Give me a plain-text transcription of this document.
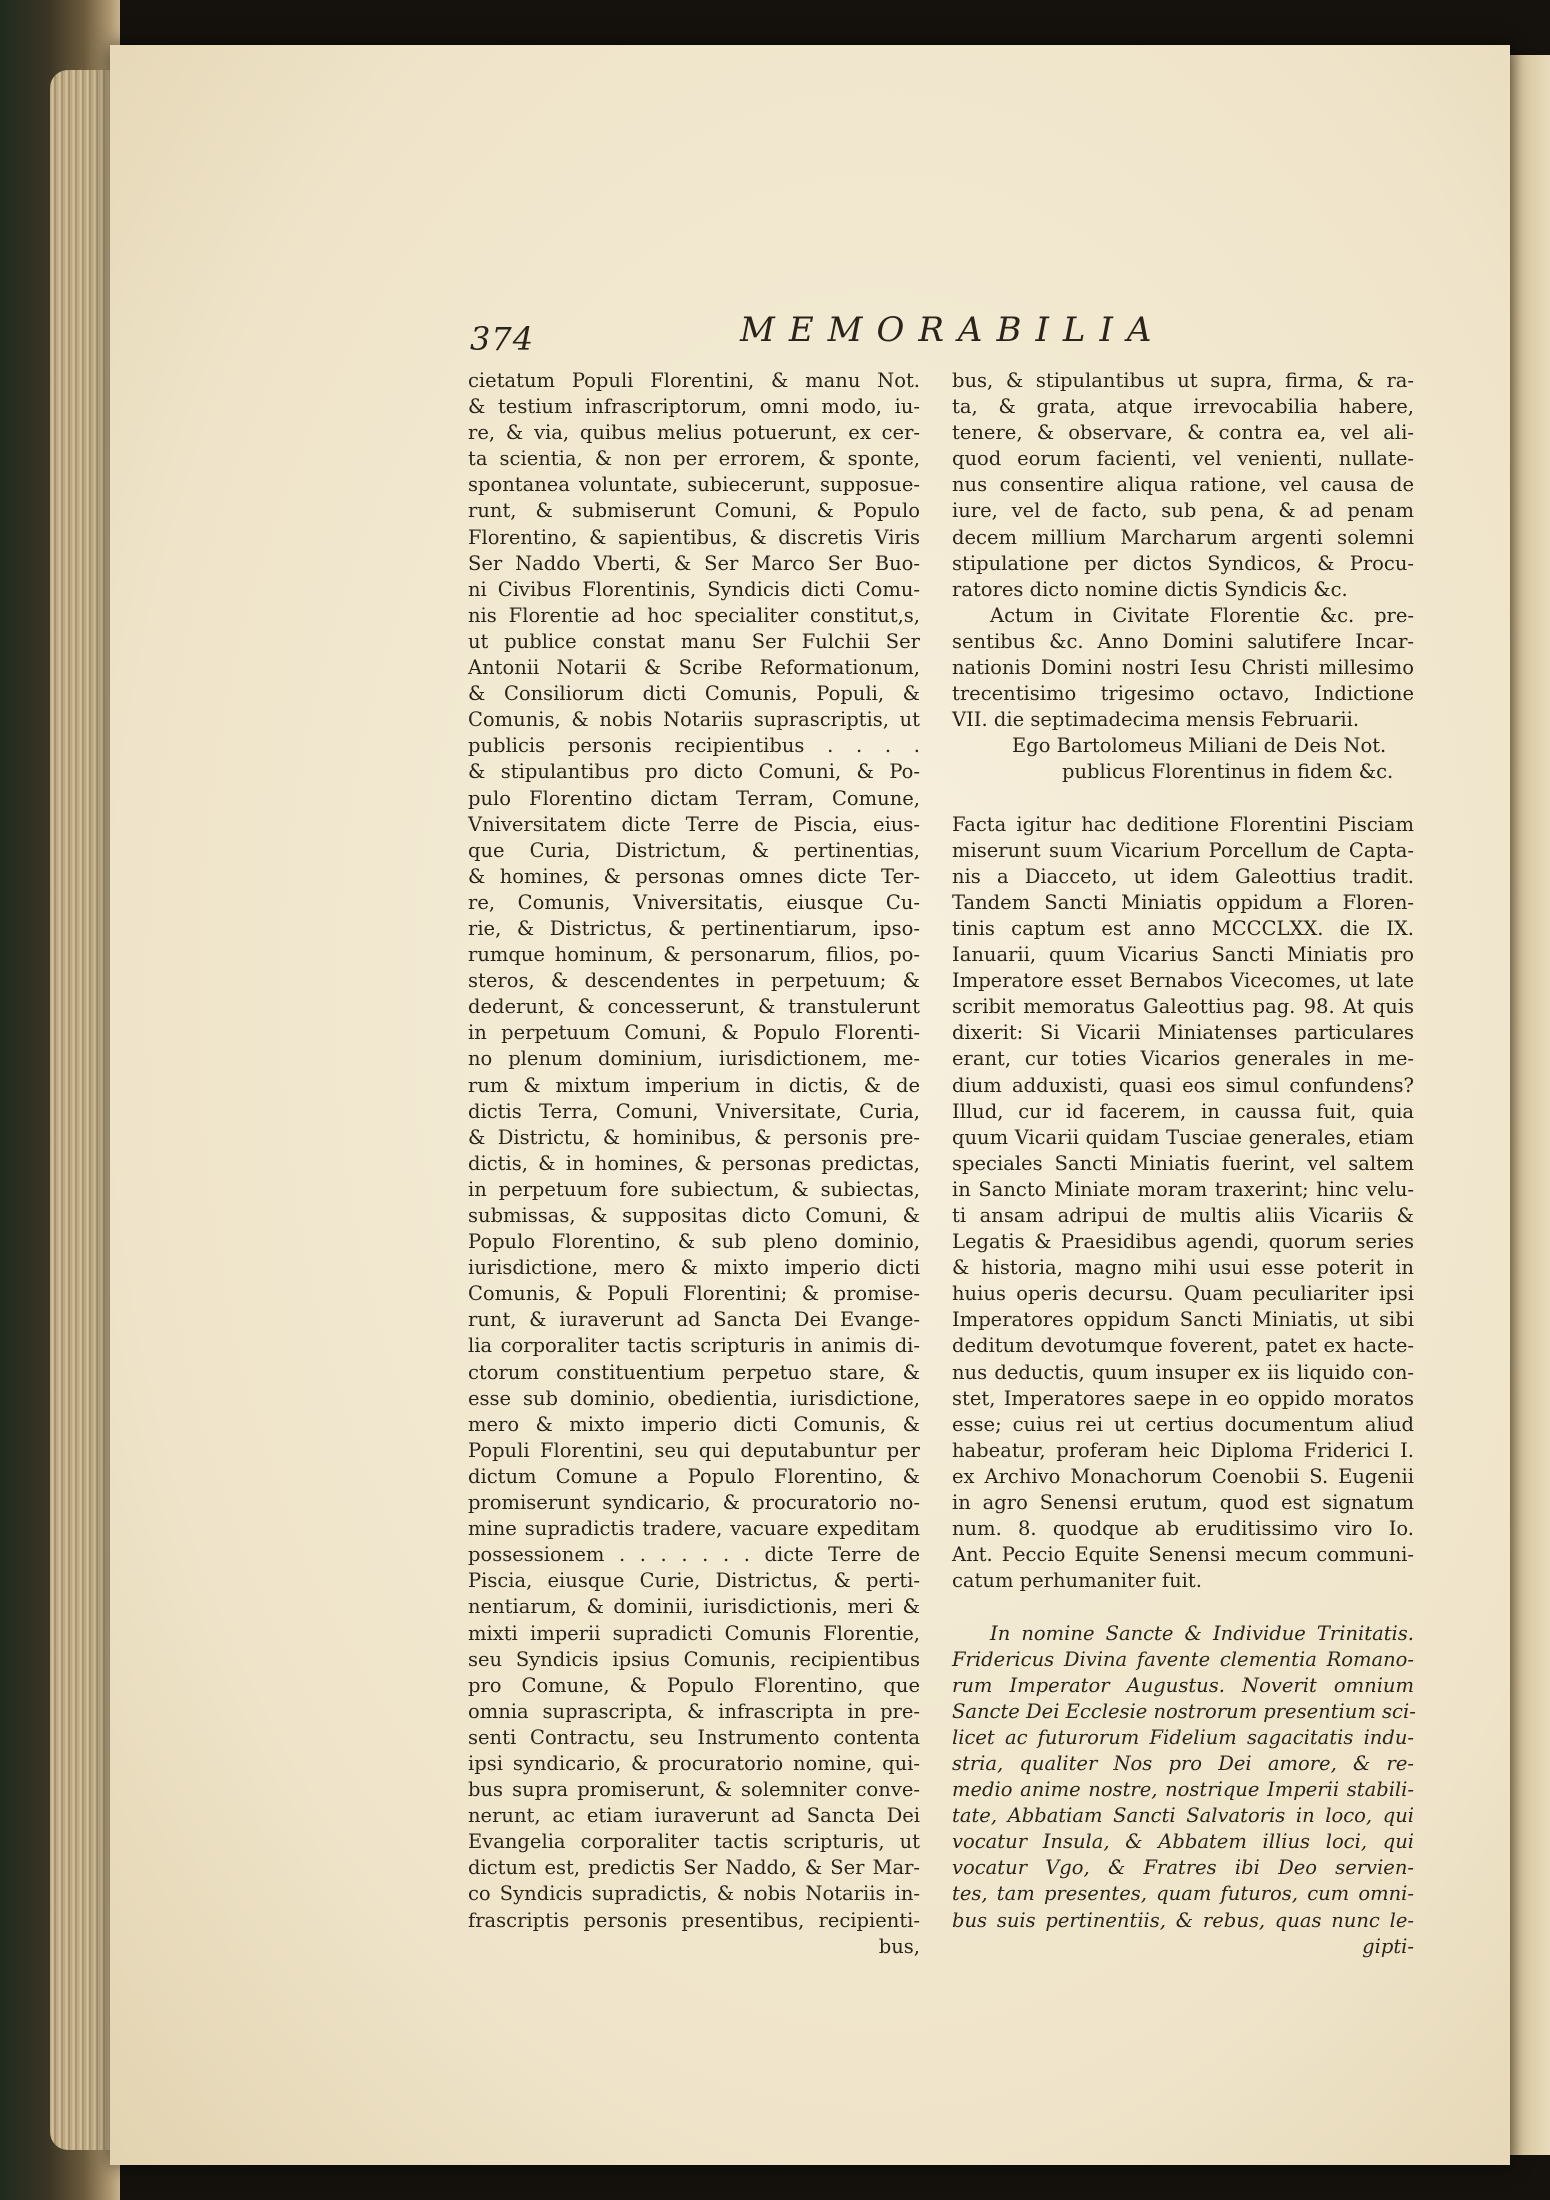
374	MEMORABILIA
cietatum Populi Florentini, & manu Not.
& testium infrascriptorum, omni modo, iu-
re, & via, quibus melius potuerunt, ex cer-
ta scientia, & non per errorem, & sponte,
spontanea voluntate, subiecerunt, supposue-
runt, & submiserunt Comuni, & Populo
Florentino, & sapientibus, & discretis Viris
Ser Naddo Vberti, & Ser Marco Ser Buo-
ni Civibus Florentinis, Syndicis dicti Comu-
nis Florentie ad hoc specialiter constitut,s,
ut publice constat manu Ser Fulchii Ser
Antonii Notarii & Scribe Reformationum,
& Consiliorum dicti Comunis, Populi, &
Comunis, & nobis Notariis suprascriptis, ut
publicis personis recipientibus . . . .
& stipulantibus pro dicto Comuni, & Po-
pulo Florentino dictam Terram, Comune,
Vniversitatem dicte Terre de Piscia, eius-
que Curia, Districtum, & pertinentias,
& homines, & personas omnes dicte Ter-
re, Comunis, Vniversitatis, eiusque Cu-
rie, & Districtus, & pertinentiarum, ipso-
rumque hominum, & personarum, filios, po-
steros, & descendentes in perpetuum; &
dederunt, & concesserunt, & transtulerunt
in perpetuum Comuni, & Populo Florenti-
no plenum dominium, iurisdictionem, me-
rum & mixtum imperium in dictis, & de
dictis Terra, Comuni, Vniversitate, Curia,
& Districtu, & hominibus, & personis pre-
dictis, & in homines, & personas predictas,
in perpetuum fore subiectum, & subiectas,
submissas, & suppositas dicto Comuni, &
Populo Florentino, & sub pleno dominio,
iurisdictione, mero & mixto imperio dicti
Comunis, & Populi Florentini; & promise-
runt, & iuraverunt ad Sancta Dei Evange-
lia corporaliter tactis scripturis in animis di-
ctorum constituentium perpetuo stare, &
esse sub dominio, obedientia, iurisdictione,
mero & mixto imperio dicti Comunis, &
Populi Florentini, seu qui deputabuntur per
dictum Comune a Populo Florentino, &
promiserunt syndicario, & procuratorio no-
mine supradictis tradere, vacuare expeditam
possessionem . . . . . . . dicte Terre de
Piscia, eiusque Curie, Districtus, & perti-
nentiarum, & dominii, iurisdictionis, meri &
mixti imperii supradicti Comunis Florentie,
seu Syndicis ipsius Comunis, recipientibus
pro Comune, & Populo Florentino, que
omnia suprascripta, & infrascripta in pre-
senti Contractu, seu Instrumento contenta
ipsi syndicario, & procuratorio nomine, qui-
bus supra promiserunt, & solemniter conve-
nerunt, ac etiam iuraverunt ad Sancta Dei
Evangelia corporaliter tactis scripturis, ut
dictum est, predictis Ser Naddo, & Ser Mar-
co Syndicis supradictis, & nobis Notariis in-
frascriptis personis presentibus, recipienti-
bus,
bus, & stipulantibus ut supra, firma, & ra-
ta, & grata, atque irrevocabilia habere,
tenere, & observare, & contra ea, vel ali-
quod eorum facienti, vel venienti, nullate-
nus consentire aliqua ratione, vel causa de
iure, vel de facto, sub pena, & ad penam
decem millium Marcharum argenti solemni
stipulatione per dictos Syndicos, & Procu-
ratores dicto nomine dictis Syndicis &c.
Actum in Civitate Florentie &c. pre-
sentibus &c. Anno Domini salutifere Incar-
nationis Domini nostri Iesu Christi millesimo
trecentisimo trigesimo octavo, Indictione
VII. die septimadecima mensis Februarii.
Ego Bartolomeus Miliani de Deis Not.
publicus Florentinus in fidem &c.
Facta igitur hac deditione Florentini Pisciam
miserunt suum Vicarium Porcellum de Capta-
nis a Diacceto, ut idem Galeottius tradit.
Tandem Sancti Miniatis oppidum a Floren-
tinis captum est anno MCCCLXX. die IX.
Ianuarii, quum Vicarius Sancti Miniatis pro
Imperatore esset Bernabos Vicecomes, ut late
scribit memoratus Galeottius pag. 98. At quis
dixerit: Si Vicarii Miniatenses particulares
erant, cur toties Vicarios generales in me-
dium adduxisti, quasi eos simul confundens?
Illud, cur id facerem, in caussa fuit, quia
quum Vicarii quidam Tusciae generales, etiam
speciales Sancti Miniatis fuerint, vel saltem
in Sancto Miniate moram traxerint; hinc velu-
ti ansam adripui de multis aliis Vicariis &
Legatis & Praesidibus agendi, quorum series
& historia, magno mihi usui esse poterit in
huius operis decursu. Quam peculiariter ipsi
Imperatores oppidum Sancti Miniatis, ut sibi
deditum devotumque foverent, patet ex hacte-
nus deductis, quum insuper ex iis liquido con-
stet, Imperatores saepe in eo oppido moratos
esse; cuius rei ut certius documentum aliud
habeatur, proferam heic Diploma Friderici I.
ex Archivo Monachorum Coenobii S. Eugenii
in agro Senensi erutum, quod est signatum
num. 8. quodque ab eruditissimo viro Io.
Ant. Peccio Equite Senensi mecum communi-
catum perhumaniter fuit.
In nomine Sancte & Individue Trinitatis.
Fridericus Divina favente clementia Romano-
rum Imperator Augustus. Noverit omnium
Sancte Dei Ecclesie nostrorum presentium sci-
licet ac futurorum Fidelium sagacitatis indu-
stria, qualiter Nos pro Dei amore, & re-
medio anime nostre, nostrique Imperii stabili-
tate, Abbatiam Sancti Salvatoris in loco, qui
vocatur Insula, & Abbatem illius loci, qui
vocatur Vgo, & Fratres ibi Deo servien-
tes, tam presentes, quam futuros, cum omni-
bus suis pertinentiis, & rebus, quas nunc le-
gipti-
